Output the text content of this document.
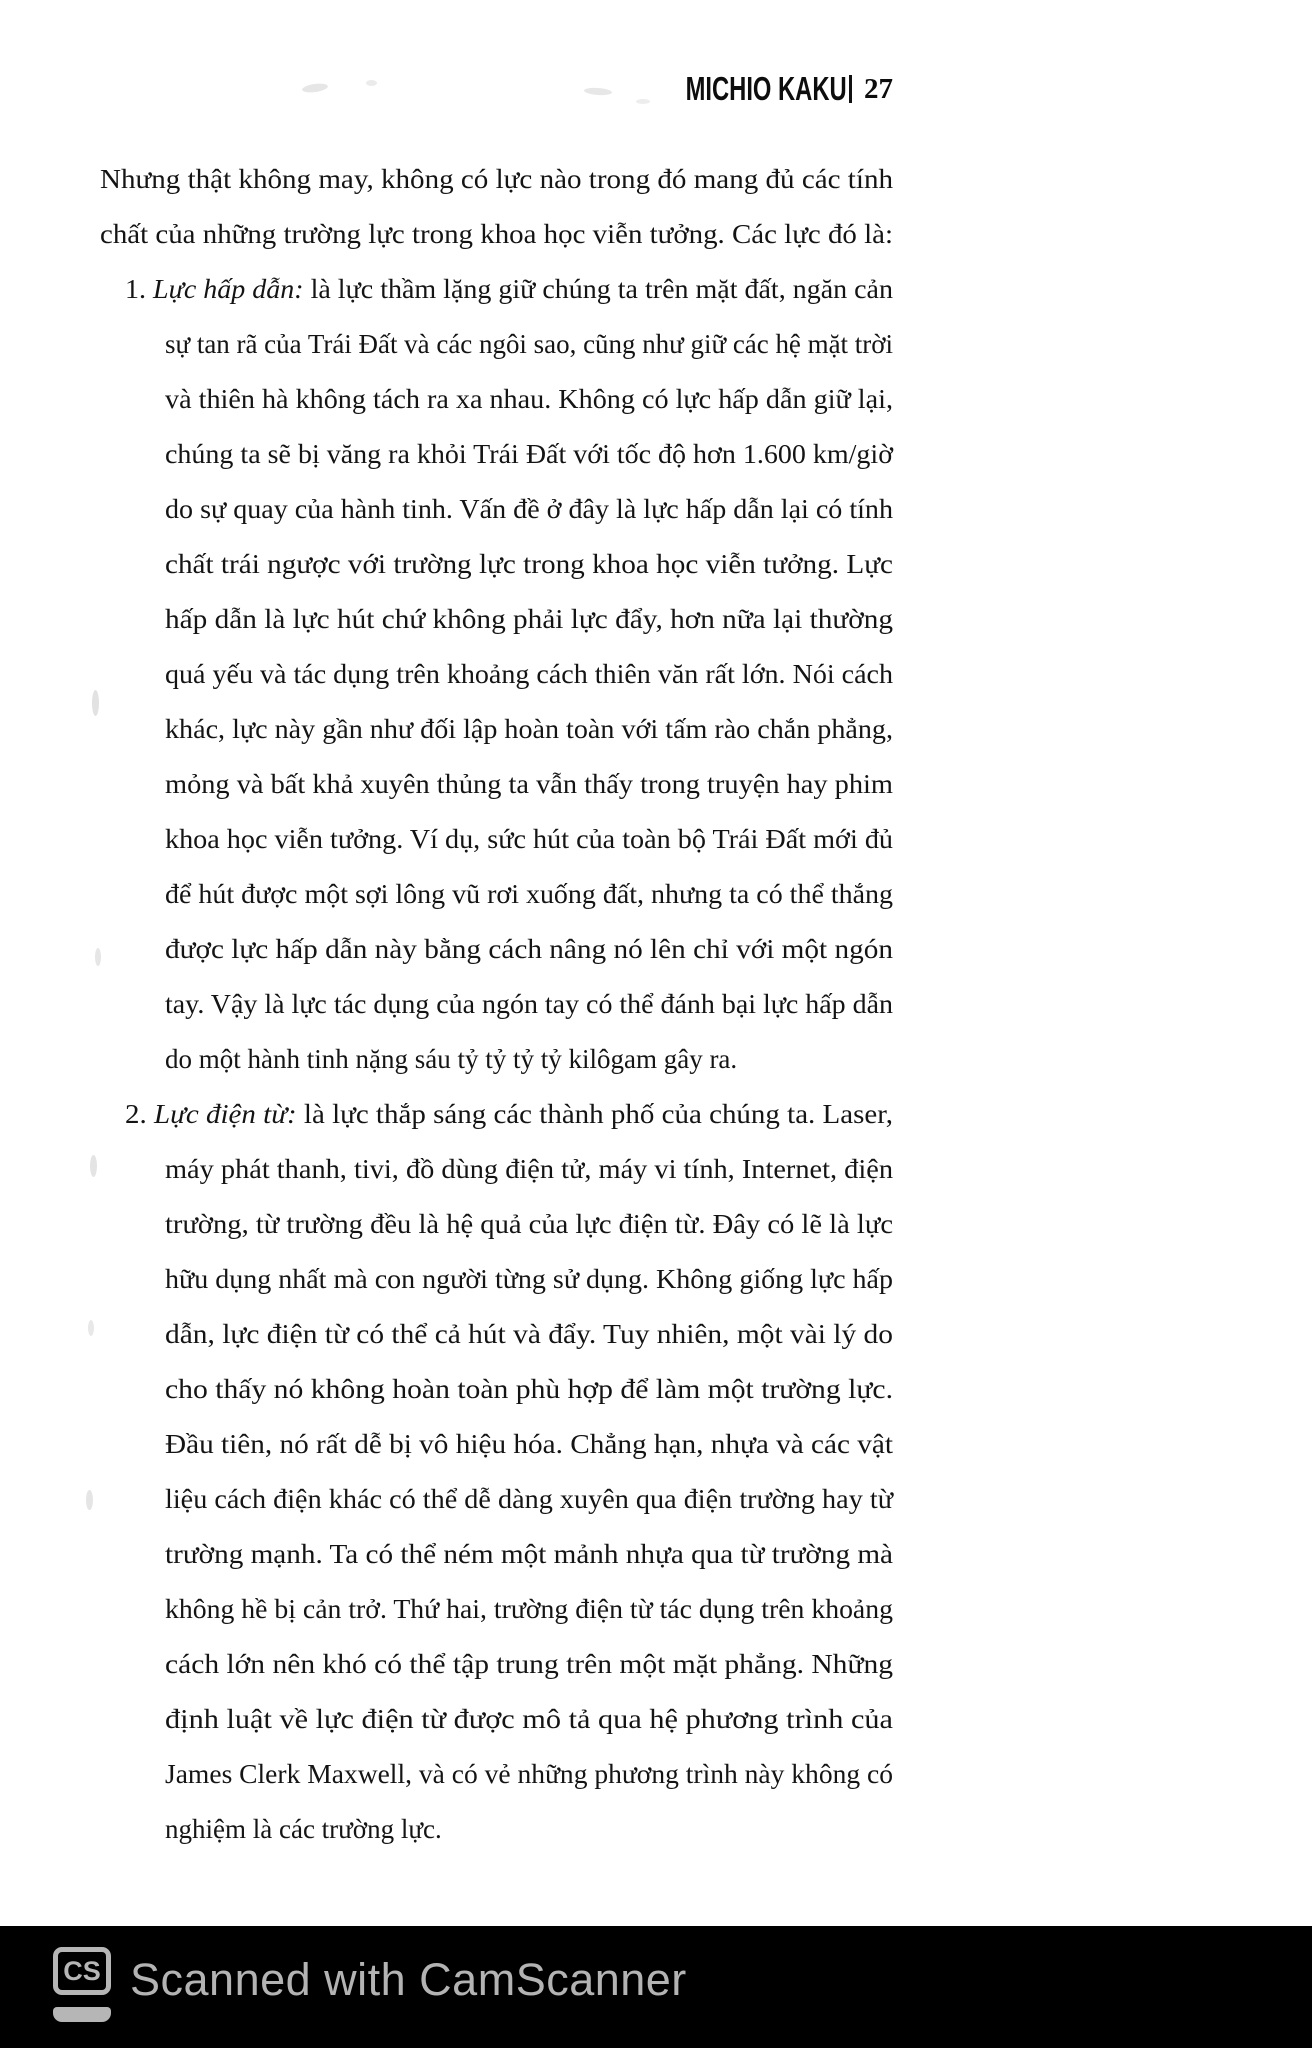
MICHIO KAKU 27
Nhưng thật không may, không có lực nào trong đó mang đủ các tính
chất của những trường lực trong khoa học viễn tưởng. Các lực đó là:
1. Lực hấp dẫn: là lực thầm lặng giữ chúng ta trên mặt đất, ngăn cản
sự tan rã của Trái Đất và các ngôi sao, cũng như giữ các hệ mặt trời
và thiên hà không tách ra xa nhau. Không có lực hấp dẫn giữ lại,
chúng ta sẽ bị văng ra khỏi Trái Đất với tốc độ hơn 1.600 km/giờ
do sự quay của hành tinh. Vấn đề ở đây là lực hấp dẫn lại có tính
chất trái ngược với trường lực trong khoa học viễn tưởng. Lực
hấp dẫn là lực hút chứ không phải lực đẩy, hơn nữa lại thường
quá yếu và tác dụng trên khoảng cách thiên văn rất lớn. Nói cách
khác, lực này gần như đối lập hoàn toàn với tấm rào chắn phẳng,
mỏng và bất khả xuyên thủng ta vẫn thấy trong truyện hay phim
khoa học viễn tưởng. Ví dụ, sức hút của toàn bộ Trái Đất mới đủ
để hút được một sợi lông vũ rơi xuống đất, nhưng ta có thể thắng
được lực hấp dẫn này bằng cách nâng nó lên chỉ với một ngón
tay. Vậy là lực tác dụng của ngón tay có thể đánh bại lực hấp dẫn
do một hành tinh nặng sáu tỷ tỷ tỷ tỷ kilôgam gây ra.
2. Lực điện từ: là lực thắp sáng các thành phố của chúng ta. Laser,
máy phát thanh, tivi, đồ dùng điện tử, máy vi tính, Internet, điện
trường, từ trường đều là hệ quả của lực điện từ. Đây có lẽ là lực
hữu dụng nhất mà con người từng sử dụng. Không giống lực hấp
dẫn, lực điện từ có thể cả hút và đẩy. Tuy nhiên, một vài lý do
cho thấy nó không hoàn toàn phù hợp để làm một trường lực.
Đầu tiên, nó rất dễ bị vô hiệu hóa. Chẳng hạn, nhựa và các vật
liệu cách điện khác có thể dễ dàng xuyên qua điện trường hay từ
trường mạnh. Ta có thể ném một mảnh nhựa qua từ trường mà
không hề bị cản trở. Thứ hai, trường điện từ tác dụng trên khoảng
cách lớn nên khó có thể tập trung trên một mặt phẳng. Những
định luật về lực điện từ được mô tả qua hệ phương trình của
James Clerk Maxwell, và có vẻ những phương trình này không có
nghiệm là các trường lực.
CS Scanned with CamScanner
